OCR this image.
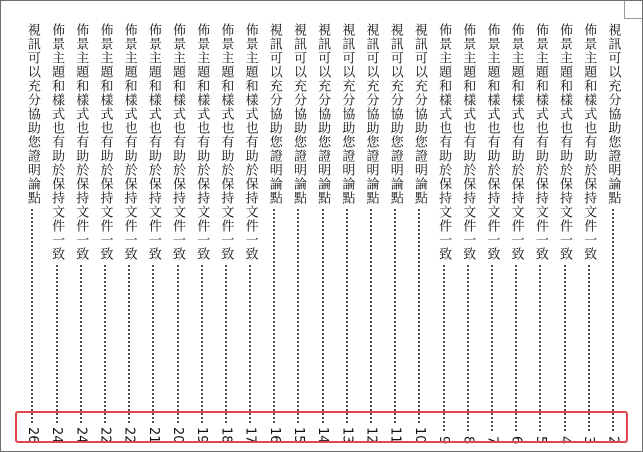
視訊可以充分協助您證明論點
2
佈景主題和樣式也有助於保持文件一致
3
佈景主題和樣式也有助於保持文件一致
4
佈景主題和樣式也有助於保持文件一致
5
佈景主題和樣式也有助於保持文件一致
6
佈景主題和樣式也有助於保持文件一致
7
佈景主題和樣式也有助於保持文件一致
8
佈景主題和樣式也有助於保持文件一致
9
視訊可以充分協助您證明論點
10
視訊可以充分協助您證明論點
11
視訊可以充分協助您證明論點
12
視訊可以充分協助您證明論點
13
視訊可以充分協助您證明論點
14
視訊可以充分協助您證明論點
15
視訊可以充分協助您證明論點
16
佈景主題和樣式也有助於保持文件一致
17
佈景主題和樣式也有助於保持文件一致
18
佈景主題和樣式也有助於保持文件一致
19
佈景主題和樣式也有助於保持文件一致
20
佈景主題和樣式也有助於保持文件一致
21
佈景主題和樣式也有助於保持文件一致
22
佈景主題和樣式也有助於保持文件一致
22
佈景主題和樣式也有助於保持文件一致
24
佈景主題和樣式也有助於保持文件一致
24
視訊可以充分協助您證明論點
26
